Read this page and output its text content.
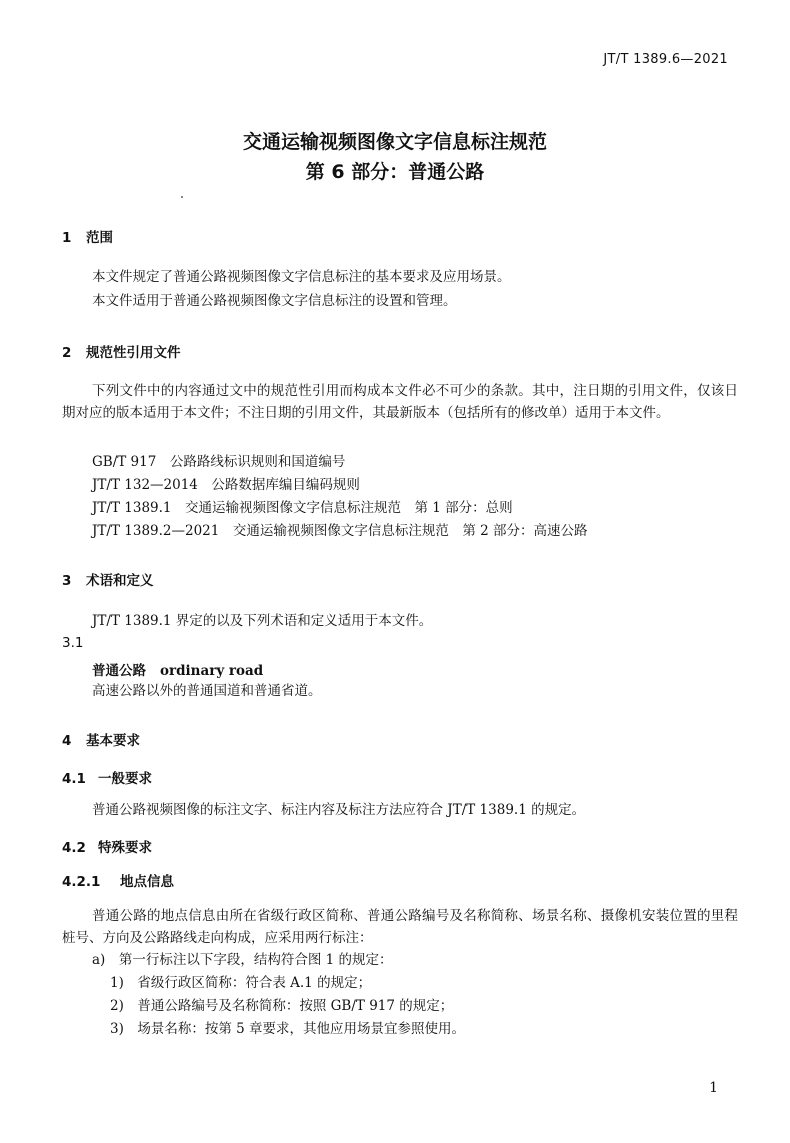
JT/T 1389.6—2021
交通运输视频图像文字信息标注规范
第 6 部分：普通公路
1 范围
本文件规定了普通公路视频图像文字信息标注的基本要求及应用场景。
本文件适用于普通公路视频图像文字信息标注的设置和管理。
2 规范性引用文件
下列文件中的内容通过文中的规范性引用而构成本文件必不可少的条款。其中，注日期的引用文件，仅该日期对应的版本适用于本文件；不注日期的引用文件，其最新版本（包括所有的修改单）适用于本文件。
GB/T 917　公路路线标识规则和国道编号
JT/T 132—2014　公路数据库编目编码规则
JT/T 1389.1　交通运输视频图像文字信息标注规范　第 1 部分：总则
JT/T 1389.2—2021　交通运输视频图像文字信息标注规范　第 2 部分：高速公路
3 术语和定义
JT/T 1389.1 界定的以及下列术语和定义适用于本文件。
3.1
普通公路 ordinary road
高速公路以外的普通国道和普通省道。
4 基本要求
4.1 一般要求
普通公路视频图像的标注文字、标注内容及标注方法应符合 JT/T 1389.1 的规定。
4.2 特殊要求
4.2.1 地点信息
普通公路的地点信息由所在省级行政区简称、普通公路编号及名称简称、场景名称、摄像机安装位置的里程桩号、方向及公路路线走向构成，应采用两行标注：
a)　第一行标注以下字段，结构符合图 1 的规定：
1)　省级行政区简称：符合表 A.1 的规定；
2)　普通公路编号及名称简称：按照 GB/T 917 的规定；
3)　场景名称：按第 5 章要求，其他应用场景宜参照使用。
1
